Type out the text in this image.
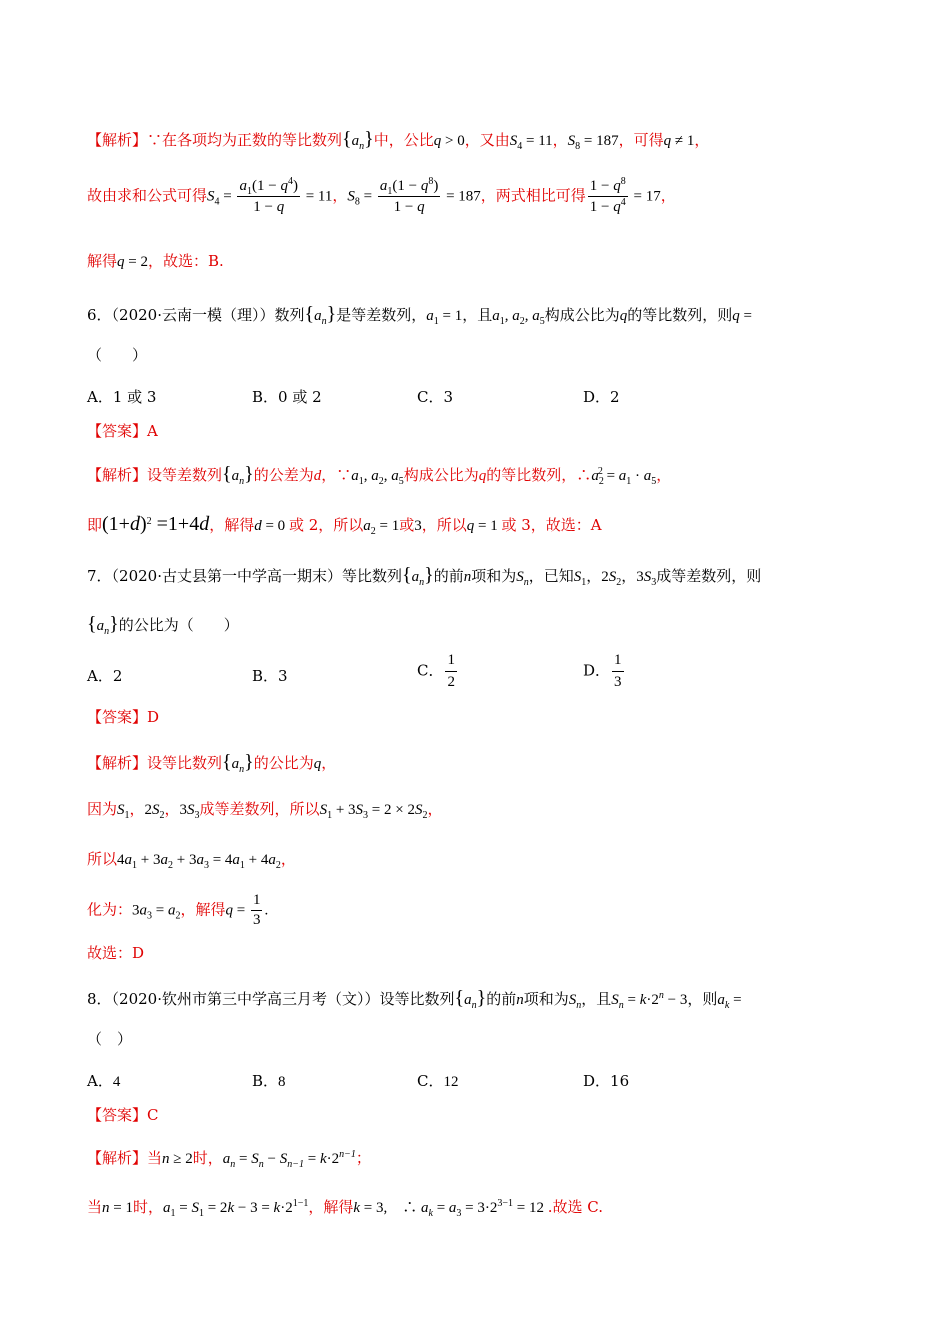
【解析】∵在各项均为正数的等比数列$\{a_n\}$中，公比q > 0，又由$S_4 = 11$，$S_8 = 187$，可得q ≠ 1，
故由求和公式可得$S_4 = \frac{a_1(1 - q^4)}{1 - q} = 11$，$S_8 = \frac{a_1(1 - q^8)}{1 - q} = 187$，两式相比可得 $\frac{1 - q^8}{1 - q^4} = 17$，
解得q = 2，故选：B.
6．（2020·云南一模（理））数列$\{a_n\}$是等差数列，$a_1 = 1$，且$a_1$, $a_2$, $a_5$构成公比为q的等比数列，则q =
（　　）
A．1 或 3	B．0 或 2	C．3	D．2
【答案】A
【解析】设等差数列$\{a_n\}$的公差为d，$\because a_1$, $a_2$, $a_5$构成公比为q的等比数列，$\therefore a_2^2 = a_1 \cdot a_5$，
即$(1+d)^2 =1+4d$，解得d = 0 或 2，所以$a_2 = 1$或3，所以q = 1 或 3，故选：A
7．（2020·古丈县第一中学高一期末）等比数列$\{a_n\}$的前n项和为$S_n$，已知$S_1$，$2S_2$，$3S_3$成等差数列，则
$\{a_n\}$的公比为（　　）
A．2	B．3	C． $\frac{1}{2}$	D． $\frac{1}{3}$
【答案】D
【解析】设等比数列$\{a_n\}$的公比为q，
因为$S_1$，$2S_2$，$3S_3$成等差数列，所以$S_1 + 3S_3 = 2 \times 2S_2$，
所以$4a_1 + 3a_2 + 3a_3 = 4a_1 + 4a_2$，
化为：$3a_3 = a_2$，解得$q = \frac{1}{3}$ .
故选：D
8．（2020·钦州市第三中学高三月考（文））设等比数列$\{a_n\}$的前n项和为$S_n$，且$S_n = k\cdot 2^n - 3$，则$a_k$ =
（　）
A．4	B．8	C．12	D．16
【答案】C
【解析】当n ≥ 2时，$a_n = S_n - S_{n-1} = k\cdot 2^{n-1}$；
当n = 1时，$a_1 = S_1 = 2k - 3 = k\cdot 2^{1-1}$，解得k = 3,　∴ $a_k = a_3 = 3\cdot 2^{3-1} = 12$ .故选 C.
